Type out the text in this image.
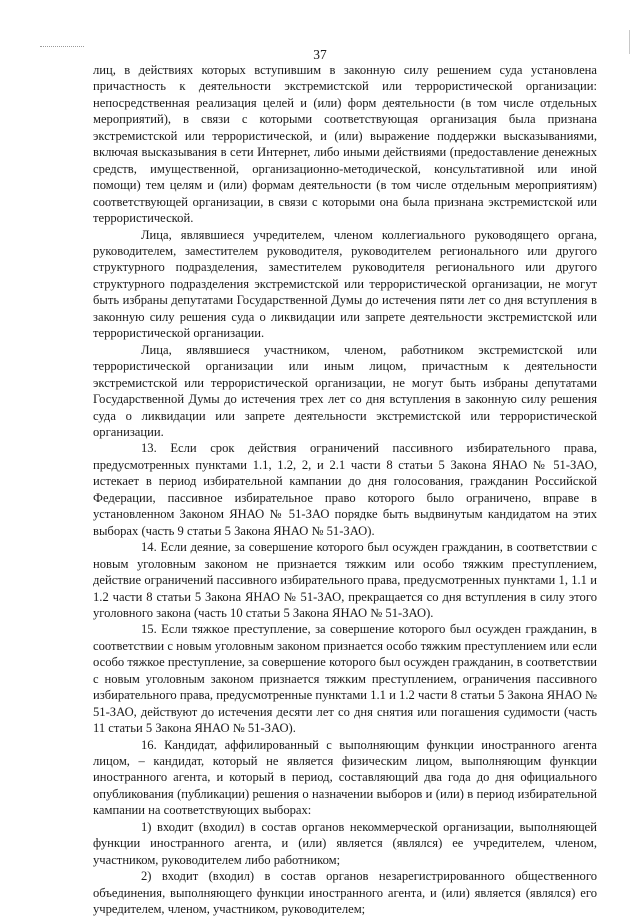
37

лиц, в действиях которых вступившим в законную силу решением суда установлена причастность к деятельности экстремистской или террористической организации: непосредственная реализация целей и (или) форм деятельности (в том числе отдельных мероприятий), в связи с которыми соответствующая организация была признана экстремистской или террористической, и (или) выражение поддержки высказываниями, включая высказывания в сети Интернет, либо иными действиями (предоставление денежных средств, имущественной, организационно-методической, консультативной или иной помощи) тем целям и (или) формам деятельности (в том числе отдельным мероприятиям) соответствующей организации, в связи с которыми она была признана экстремистской или террористической.

Лица, являвшиеся учредителем, членом коллегиального руководящего органа, руководителем, заместителем руководителя, руководителем регионального или другого структурного подразделения, заместителем руководителя регионального или другого структурного подразделения экстремистской или террористической организации, не могут быть избраны депутатами Государственной Думы до истечения пяти лет со дня вступления в законную силу решения суда о ликвидации или запрете деятельности экстремистской или террористической организации.

Лица, являвшиеся участником, членом, работником экстремистской или террористической организации или иным лицом, причастным к деятельности экстремистской или террористической организации, не могут быть избраны депутатами Государственной Думы до истечения трех лет со дня вступления в законную силу решения суда о ликвидации или запрете деятельности экстремистской или террористической организации.

13. Если срок действия ограничений пассивного избирательного права, предусмотренных пунктами 1.1, 1.2, 2, и 2.1 части 8 статьи 5 Закона ЯНАО № 51-ЗАО, истекает в период избирательной кампании до дня голосования, гражданин Российской Федерации, пассивное избирательное право которого было ограничено, вправе в установленном Законом ЯНАО № 51-ЗАО порядке быть выдвинутым кандидатом на этих выборах (часть 9 статьи 5 Закона ЯНАО № 51-ЗАО).

14. Если деяние, за совершение которого был осужден гражданин, в соответствии с новым уголовным законом не признается тяжким или особо тяжким преступлением, действие ограничений пассивного избирательного права, предусмотренных пунктами 1, 1.1 и 1.2 части 8 статьи 5 Закона ЯНАО № 51-ЗАО, прекращается со дня вступления в силу этого уголовного закона (часть 10 статьи 5 Закона ЯНАО № 51-ЗАО).

15. Если тяжкое преступление, за совершение которого был осужден гражданин, в соответствии с новым уголовным законом признается особо тяжким преступлением или если особо тяжкое преступление, за совершение которого был осужден гражданин, в соответствии с новым уголовным законом признается тяжким преступлением, ограничения пассивного избирательного права, предусмотренные пунктами 1.1 и 1.2 части 8 статьи 5 Закона ЯНАО № 51-ЗАО, действуют до истечения десяти лет со дня снятия или погашения судимости (часть 11 статьи 5 Закона ЯНАО № 51-ЗАО).

16. Кандидат, аффилированный с выполняющим функции иностранного агента лицом, – кандидат, который не является физическим лицом, выполняющим функции иностранного агента, и который в период, составляющий два года до дня официального опубликования (публикации) решения о назначении выборов и (или) в период избирательной кампании на соответствующих выборах:

1) входит (входил) в состав органов некоммерческой организации, выполняющей функции иностранного агента, и (или) является (являлся) ее учредителем, членом, участником, руководителем либо работником;

2) входит (входил) в состав органов незарегистрированного общественного объединения, выполняющего функции иностранного агента, и (или) является (являлся) его учредителем, членом, участником, руководителем;
